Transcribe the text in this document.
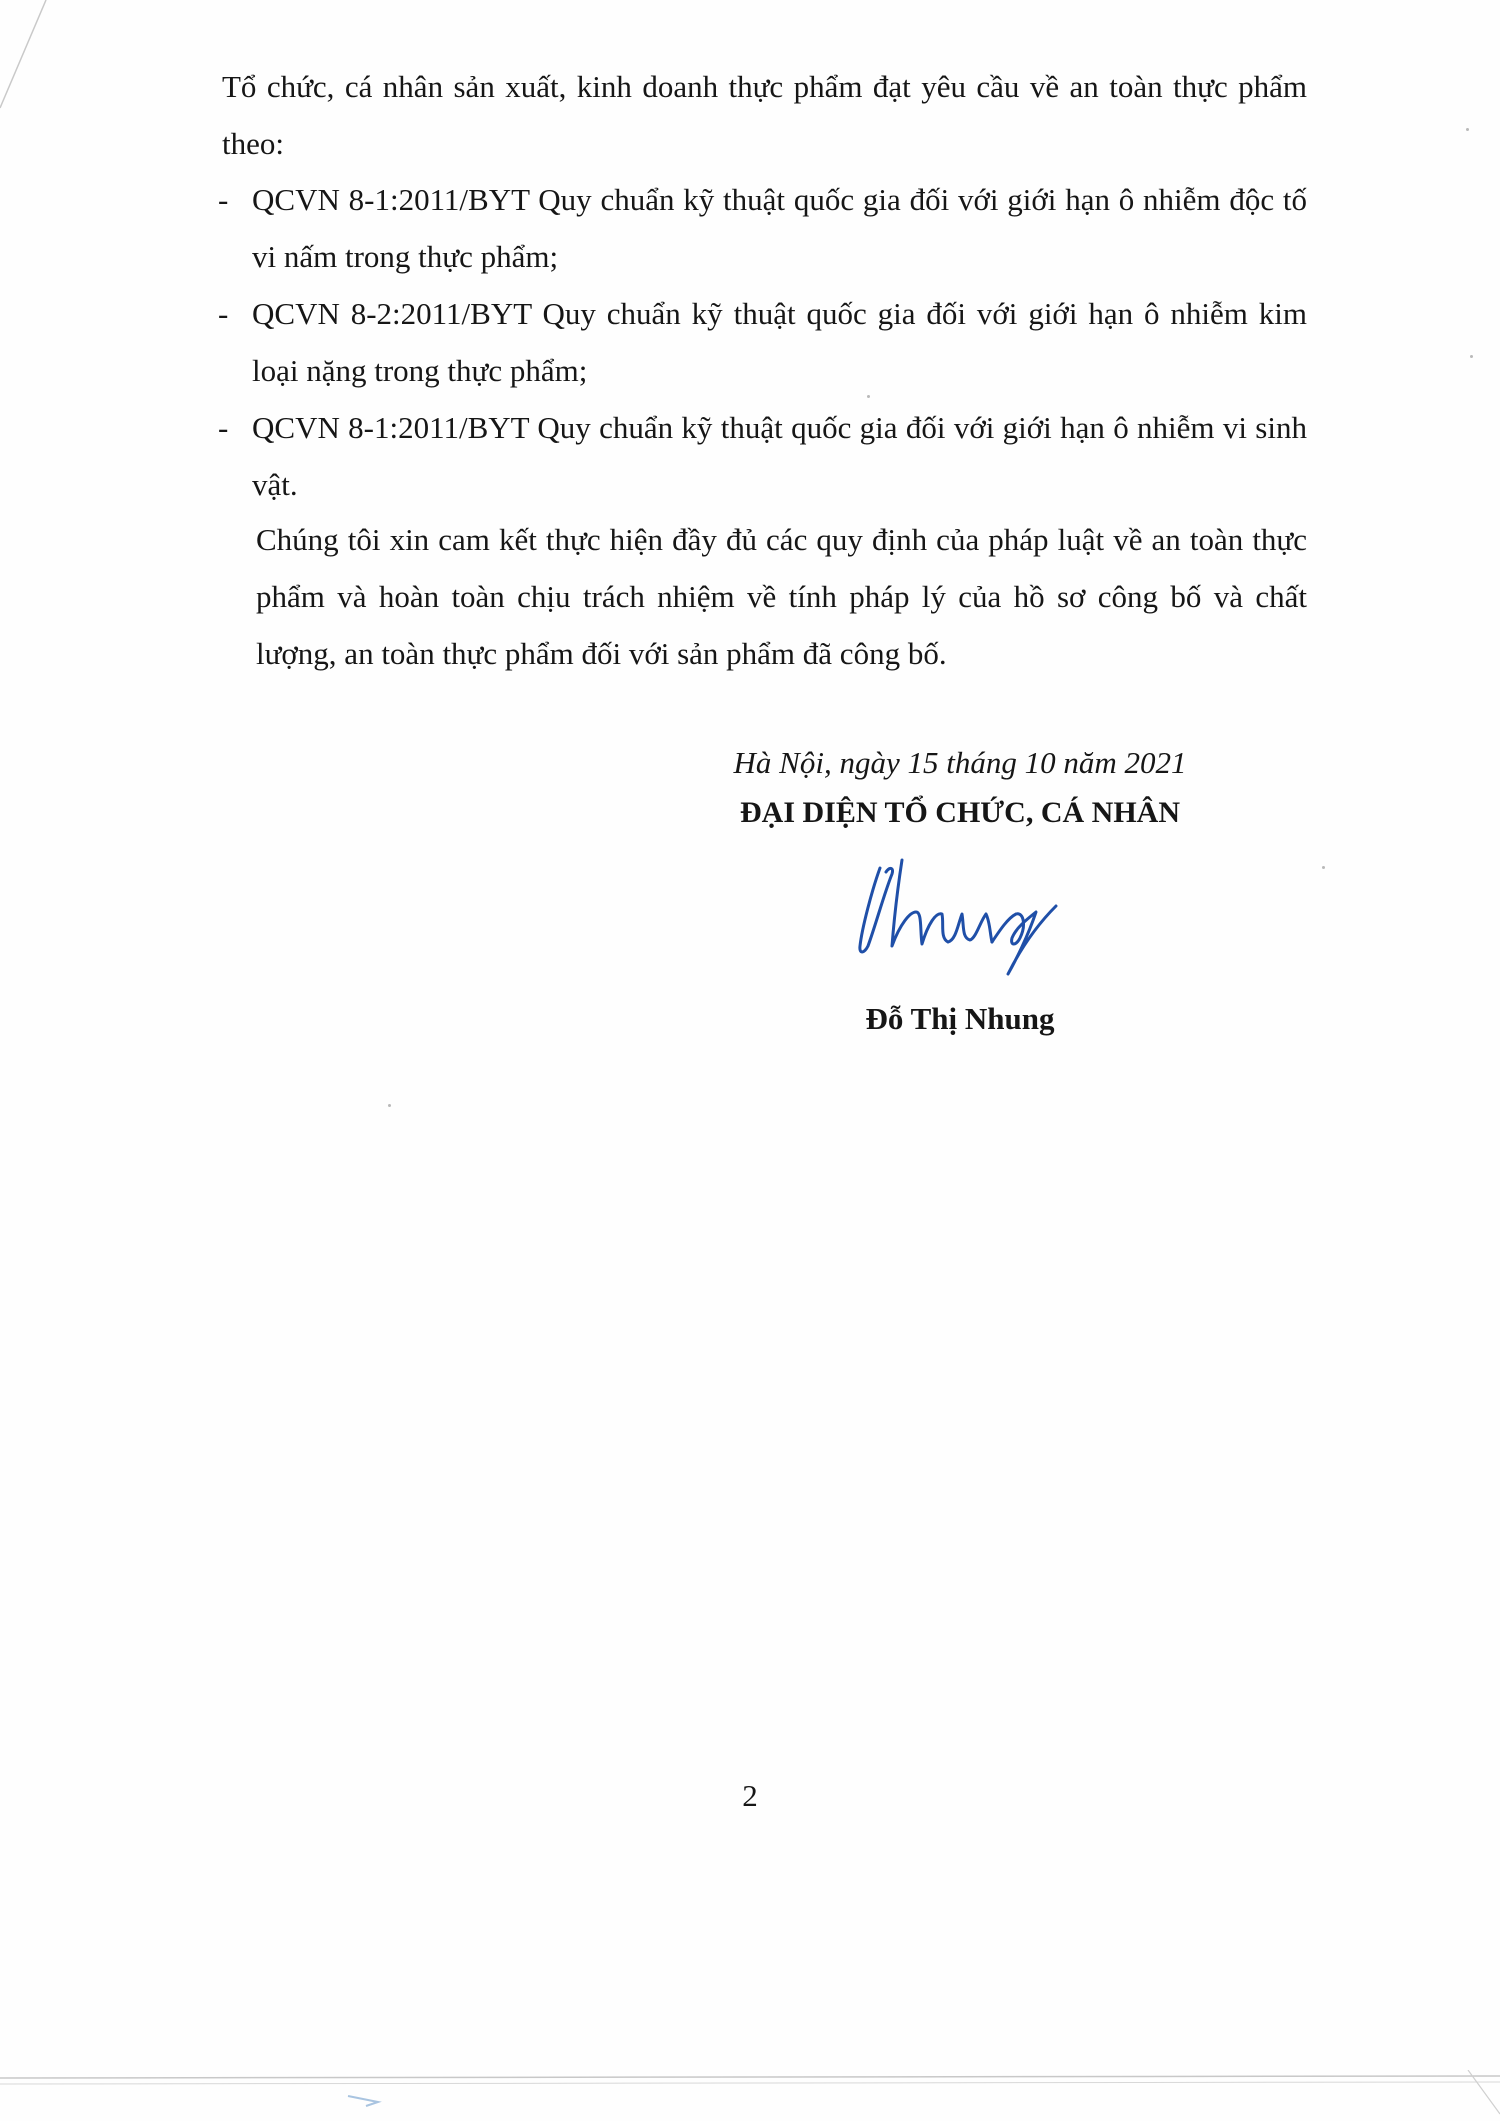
Tổ chức, cá nhân sản xuất, kinh doanh thực phẩm đạt yêu cầu về an toàn thực phẩm theo:

- QCVN 8-1:2011/BYT Quy chuẩn kỹ thuật quốc gia đối với giới hạn ô nhiễm độc tố vi nấm trong thực phẩm;
- QCVN 8-2:2011/BYT Quy chuẩn kỹ thuật quốc gia đối với giới hạn ô nhiễm kim loại nặng trong thực phẩm;
- QCVN 8-1:2011/BYT Quy chuẩn kỹ thuật quốc gia đối với giới hạn ô nhiễm vi sinh vật.

Chúng tôi xin cam kết thực hiện đầy đủ các quy định của pháp luật về an toàn thực phẩm và hoàn toàn chịu trách nhiệm về tính pháp lý của hồ sơ công bố và chất lượng, an toàn thực phẩm đối với sản phẩm đã công bố.

Hà Nội, ngày 15 tháng 10 năm 2021

ĐẠI DIỆN TỔ CHỨC, CÁ NHÂN

Đỗ Thị Nhung

2
